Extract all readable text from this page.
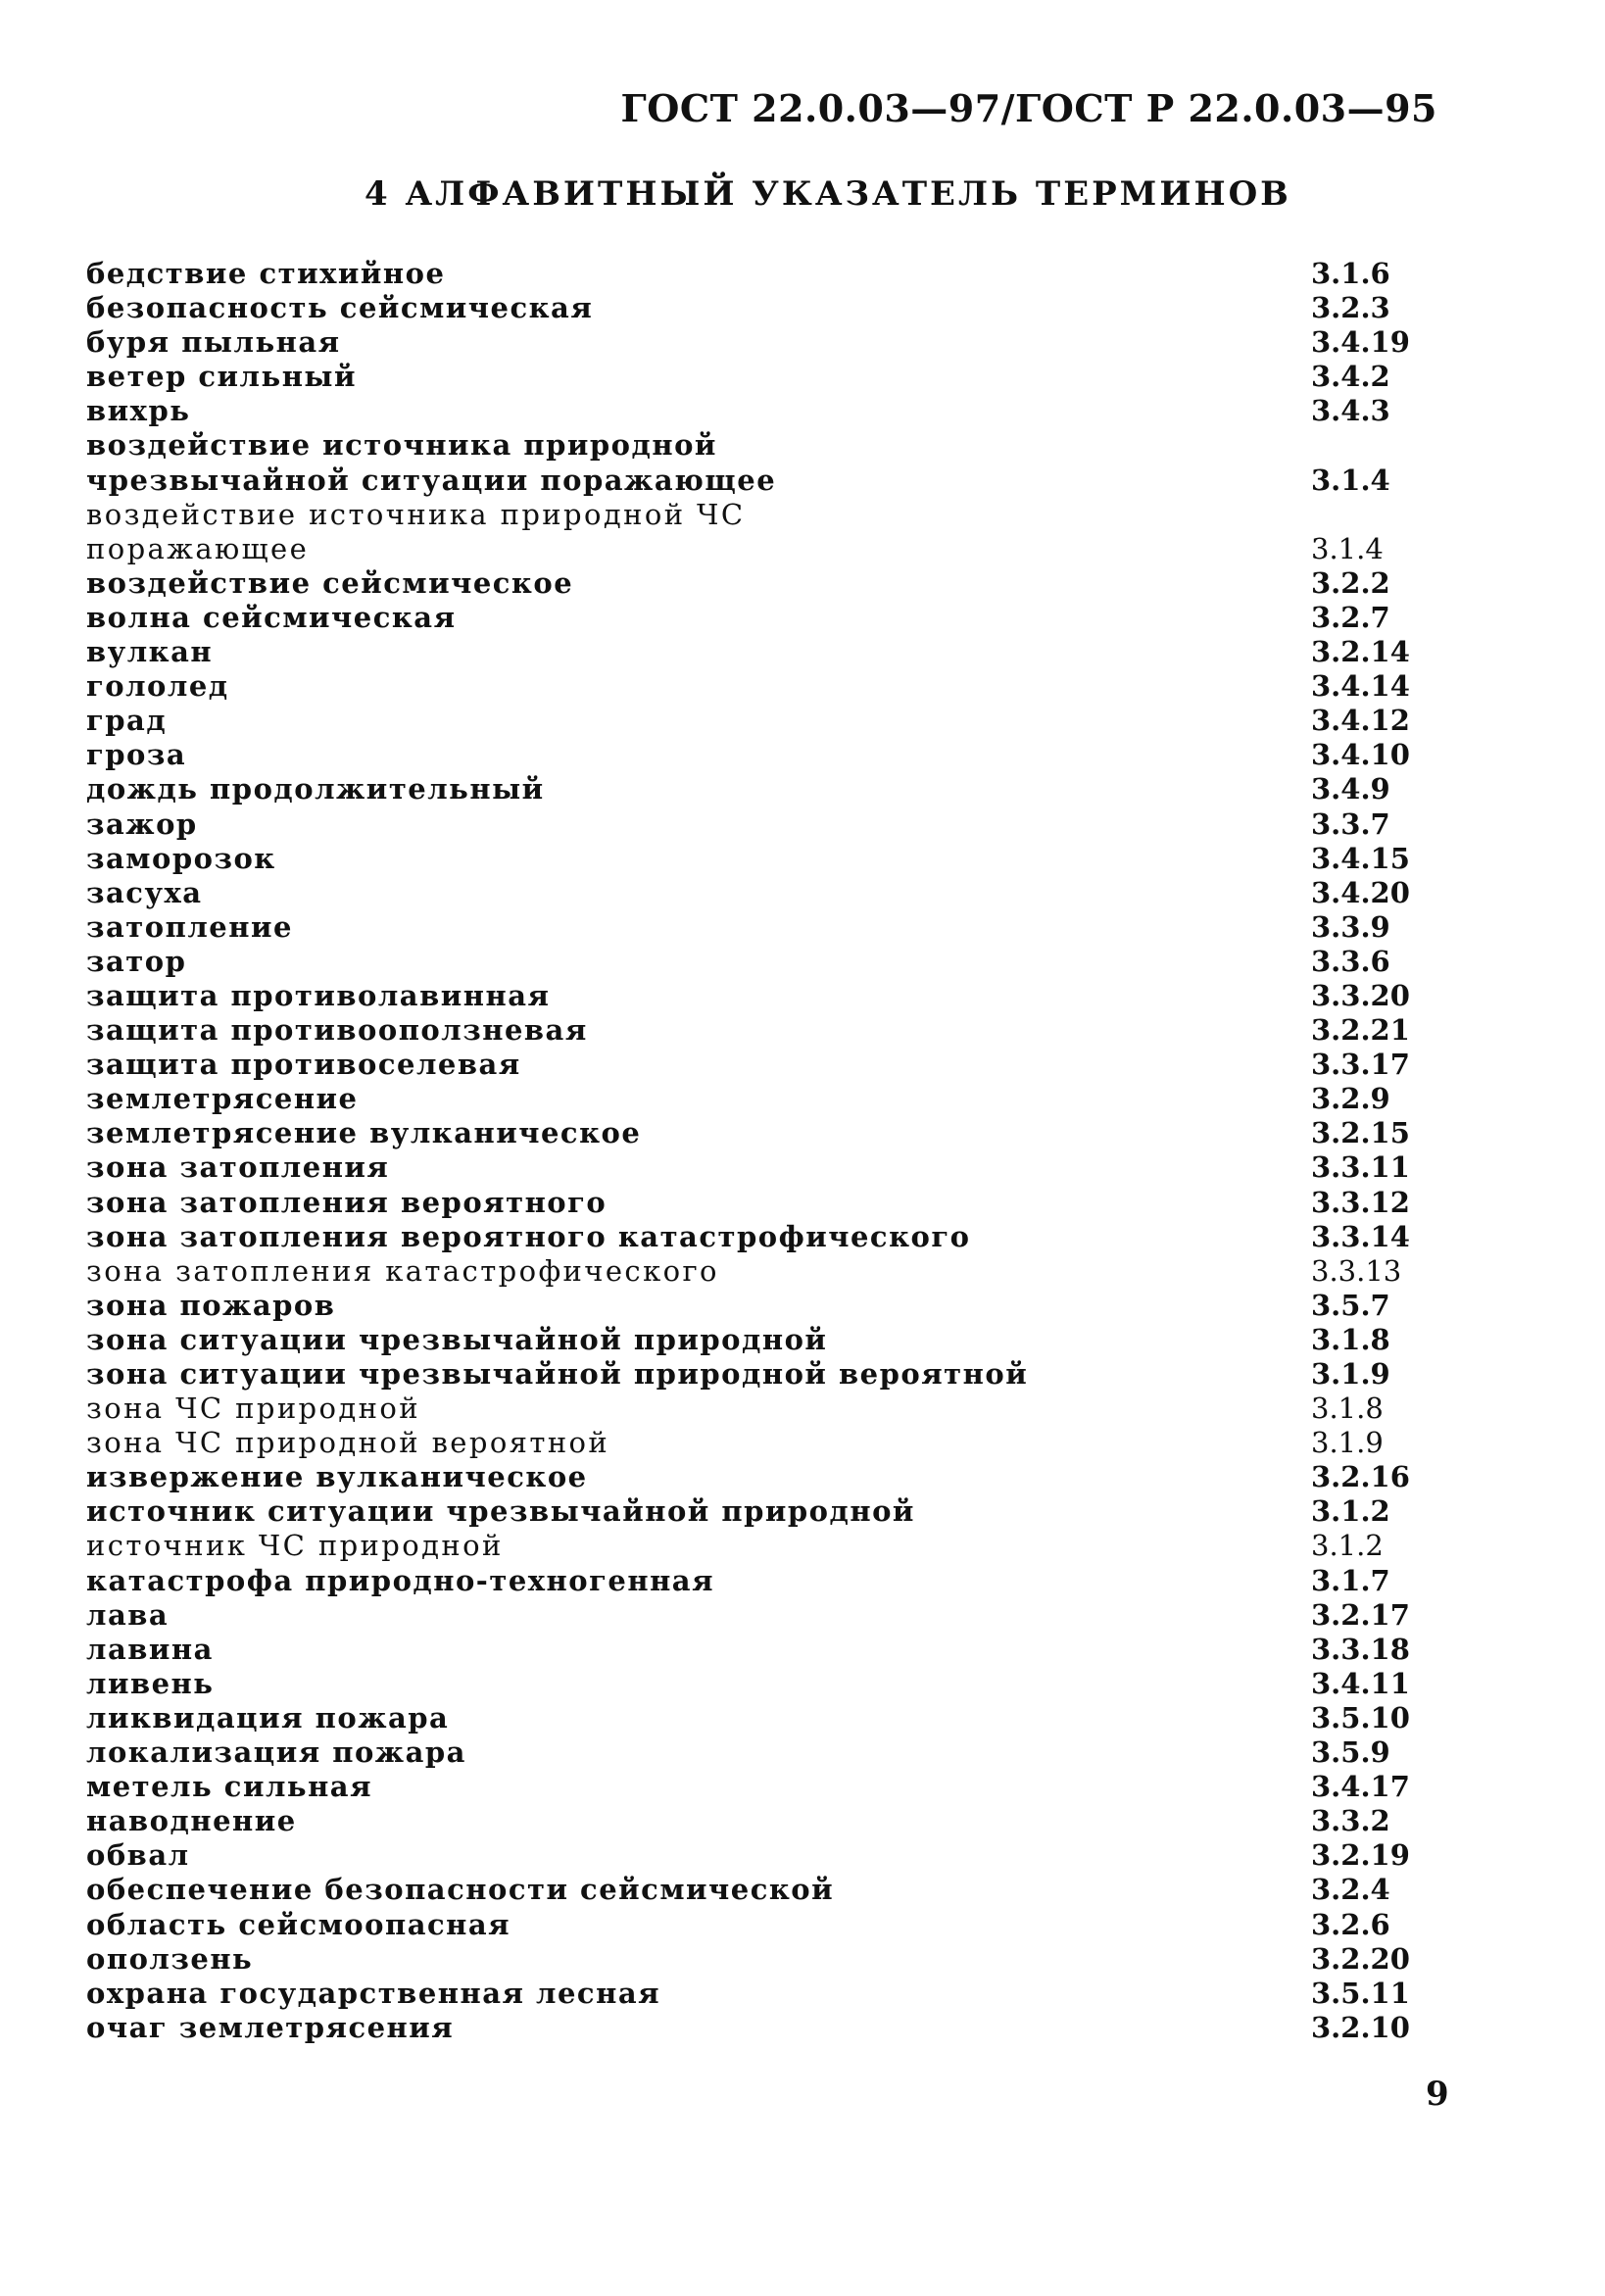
ГОСТ 22.0.03—97/ГОСТ Р 22.0.03—95
4 АЛФАВИТНЫЙ УКАЗАТЕЛЬ ТЕРМИНОВ
бедствие стихийное	3.1.6
безопасность сейсмическая	3.2.3
буря пыльная	3.4.19
ветер сильный	3.4.2
вихрь	3.4.3
воздействие источника природной
чрезвычайной ситуации поражающее	3.1.4
воздействие источника природной ЧС
поражающее	3.1.4
воздействие сейсмическое	3.2.2
волна сейсмическая	3.2.7
вулкан	3.2.14
гололед	3.4.14
град	3.4.12
гроза	3.4.10
дождь продолжительный	3.4.9
зажор	3.3.7
заморозок	3.4.15
засуха	3.4.20
затопление	3.3.9
затор	3.3.6
защита противолавинная	3.3.20
защита противооползневая	3.2.21
защита противоселевая	3.3.17
землетрясение	3.2.9
землетрясение вулканическое	3.2.15
зона затопления	3.3.11
зона затопления вероятного	3.3.12
зона затопления вероятного катастрофического	3.3.14
зона затопления катастрофического	3.3.13
зона пожаров	3.5.7
зона ситуации чрезвычайной природной	3.1.8
зона ситуации чрезвычайной природной вероятной	3.1.9
зона ЧС природной	3.1.8
зона ЧС природной вероятной	3.1.9
извержение вулканическое	3.2.16
источник ситуации чрезвычайной природной	3.1.2
источник ЧС природной	3.1.2
катастрофа природно-техногенная	3.1.7
лава	3.2.17
лавина	3.3.18
ливень	3.4.11
ликвидация пожара	3.5.10
локализация пожара	3.5.9
метель сильная	3.4.17
наводнение	3.3.2
обвал	3.2.19
обеспечение безопасности сейсмической	3.2.4
область сейсмоопасная	3.2.6
оползень	3.2.20
охрана государственная лесная	3.5.11
очаг землетрясения	3.2.10
9
